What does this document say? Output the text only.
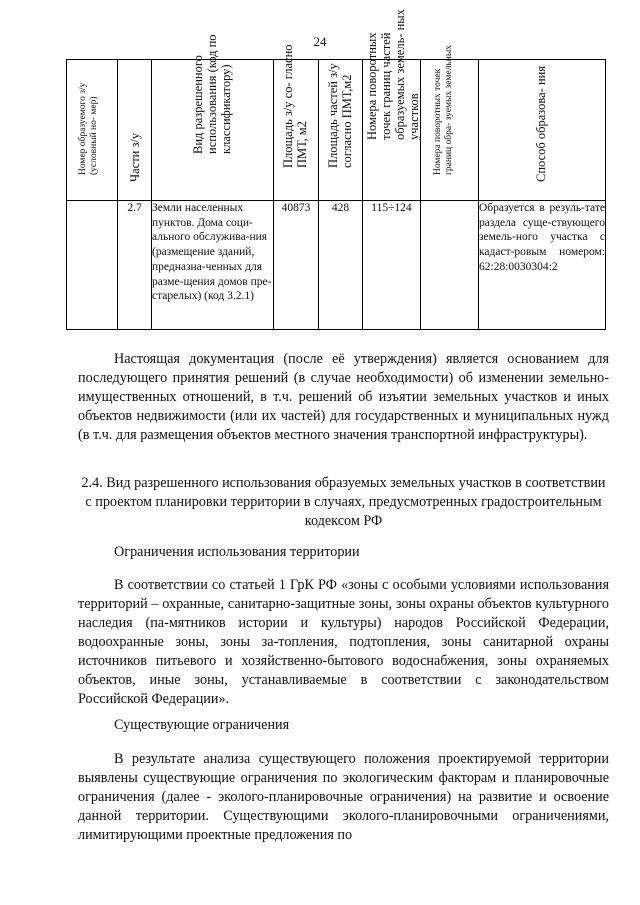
24
Номер образуемого з/у (условный но- мер)	Части з/у	Вид разрешенного использования (код по классификатору)	Площадь з/у со- гласно ПМТ, м2	Площадь частей з/у согласно ПМТ,м2	Номера поворотных точек границ частей образуемых земель- ных участков	Номера поворотных точек границ обра- зуемых земельных	Способ образова- ния

	2.7	Земли населенных пунктов. Дома соци-ального обслужива-ния (размещение зданий, предназна-ченных для разме-щения домов пре-старелых) (код 3.2.1)	40873	428	115÷124		Образуется в резуль-тате раздела суще-ствующего земель-ного участка с кадаст-ровым номером: 62:28:0030304:2

Настоящая документация (после её утверждения) является основанием для последующего принятия решений (в случае необходимости) об изменении земельно-имущественных отношений, в т.ч. решений об изъятии земельных участков и иных объектов недвижимости (или их частей) для государственных и муниципальных нужд (в т.ч. для размещения объектов местного значения транспортной инфраструктуры).

2.4. Вид разрешенного использования образуемых земельных участков в соответствии с проектом планировки территории в случаях, предусмотренных градостроительным кодексом РФ

Ограничения использования территории

В соответствии со статьей 1 ГрК РФ «зоны с особыми условиями использования территорий – охранные, санитарно-защитные зоны, зоны охраны объектов культурного наследия (па-мятников истории и культуры) народов Российской Федерации, водоохранные зоны, зоны за-топления, подтопления, зоны санитарной охраны источников питьевого и хозяйственно-бытового водоснабжения, зоны охраняемых объектов, иные зоны, устанавливаемые в соответствии с законодательством Российской Федерации».

Существующие ограничения

В результате анализа существующего положения проектируемой территории выявлены существующие ограничения по экологическим факторам и планировочные ограничения (далее - эколого-планировочные ограничения) на развитие и освоение данной территории. Существующими эколого-планировочными ограничениями, лимитирующими проектные предложения по
